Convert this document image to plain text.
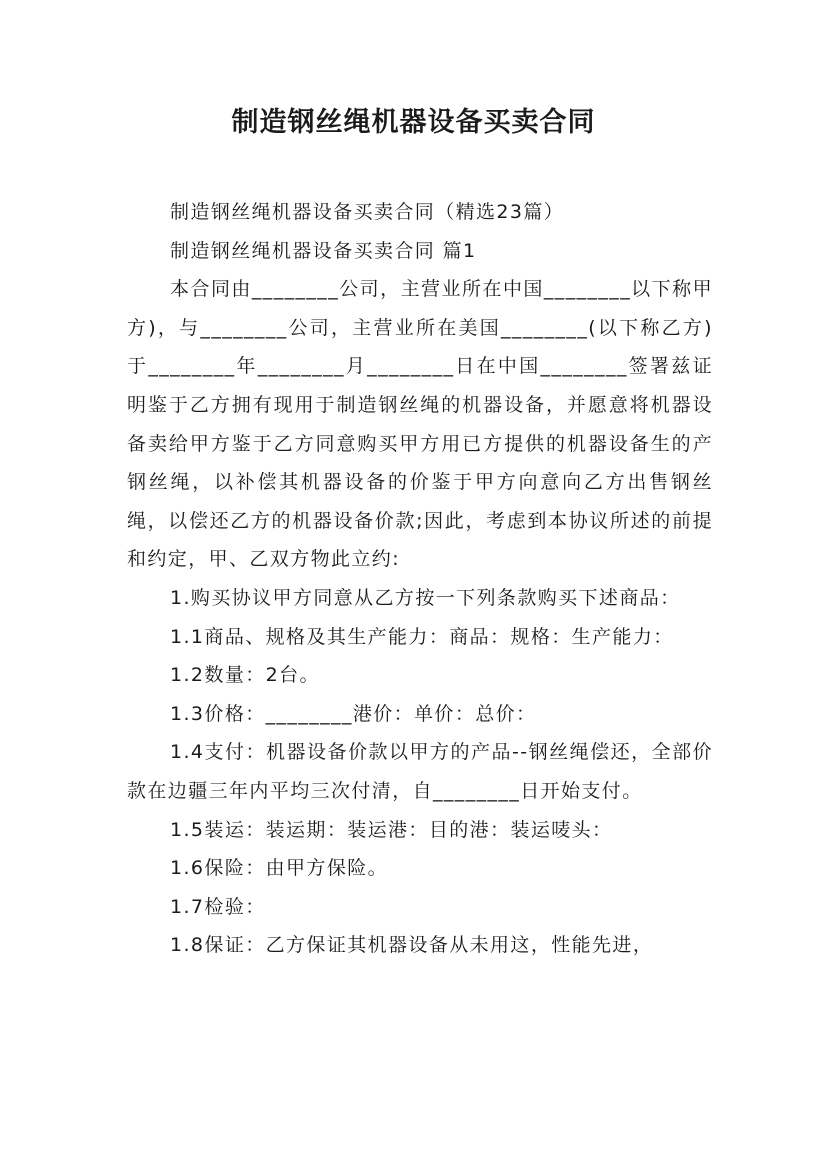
制造钢丝绳机器设备买卖合同

制造钢丝绳机器设备买卖合同（精选23篇）

制造钢丝绳机器设备买卖合同 篇1

本合同由________公司，主营业所在中国________以下称甲方)，与________公司，主营业所在美国________(以下称乙方)于________年________月________日在中国________签署兹证明鉴于乙方拥有现用于制造钢丝绳的机器设备，并愿意将机器设备卖给甲方鉴于乙方同意购买甲方用已方提供的机器设备生的产钢丝绳，以补偿其机器设备的价鉴于甲方向意向乙方出售钢丝绳，以偿还乙方的机器设备价款;因此，考虑到本协议所述的前提和约定，甲、乙双方物此立约:

1.购买协议甲方同意从乙方按一下列条款购买下述商品：

1.1商品、规格及其生产能力：商品：规格：生产能力：

1.2数量：2台。

1.3价格：________港价：单价：总价：

1.4支付：机器设备价款以甲方的产品--钢丝绳偿还，全部价款在边疆三年内平均三次付清，自________日开始支付。

1.5装运：装运期：装运港：目的港：装运唛头：

1.6保险：由甲方保险。

1.7检验：

1.8保证：乙方保证其机器设备从未用这，性能先进，
